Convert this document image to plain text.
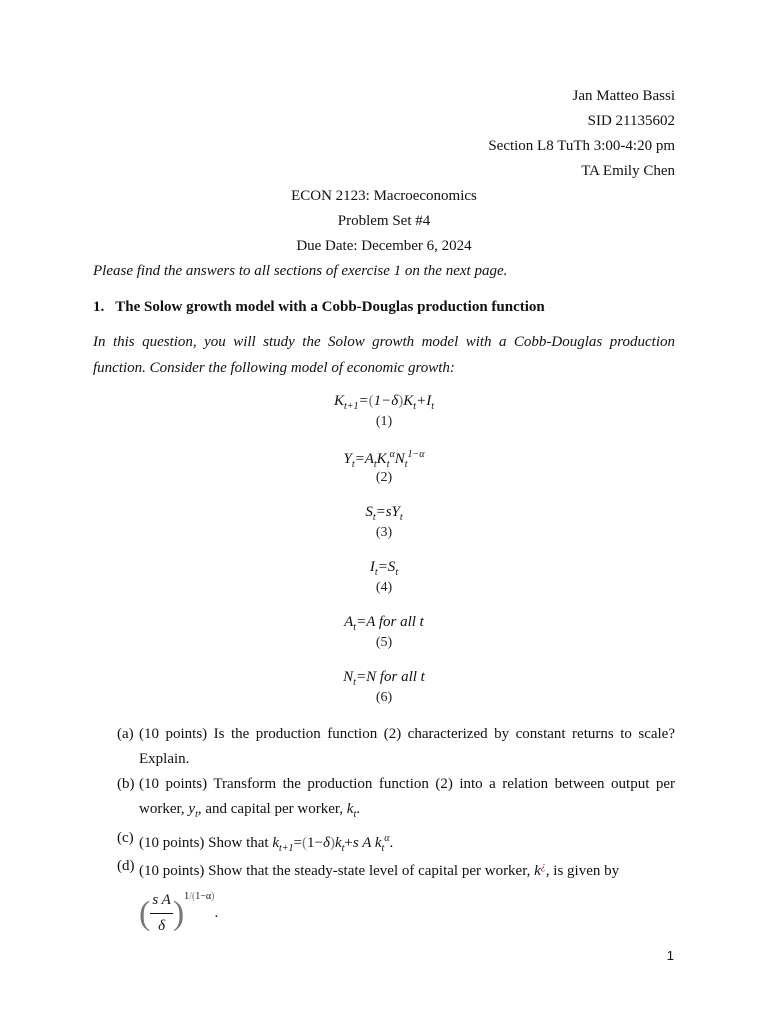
Jan Matteo Bassi
SID 21135602
Section L8 TuTh 3:00-4:20 pm
TA Emily Chen
ECON 2123: Macroeconomics
Problem Set #4
Due Date: December 6, 2024
Please find the answers to all sections of exercise 1 on the next page.
1. The Solow growth model with a Cobb-Douglas production function
In this question, you will study the Solow growth model with a Cobb-Douglas production function. Consider the following model of economic growth:
$K_{t+1}=(1-\delta)K_t+I_t$
(1)
$Y_t=A_tK_t^\alpha N_t^{1-\alpha}$
(2)
$S_t=sY_t$
(3)
$I_t=S_t$
(4)
$A_t=A$ for all t
(5)
$N_t=N$ for all t
(6)
(a) (10 points) Is the production function (2) characterized by constant returns to scale? Explain.
(b) (10 points) Transform the production function (2) into a relation between output per worker, $y_t$, and capital per worker, $k_t$.
(c) (10 points) Show that $k_{t+1}=(1-\delta)k_t+s$ A $k_t^\alpha$.
(d) (10 points) Show that the steady-state level of capital per worker, k¿, is given by
( $\frac{\text{s A}}{\delta} )^{1/(1-\alpha)}$.
1
